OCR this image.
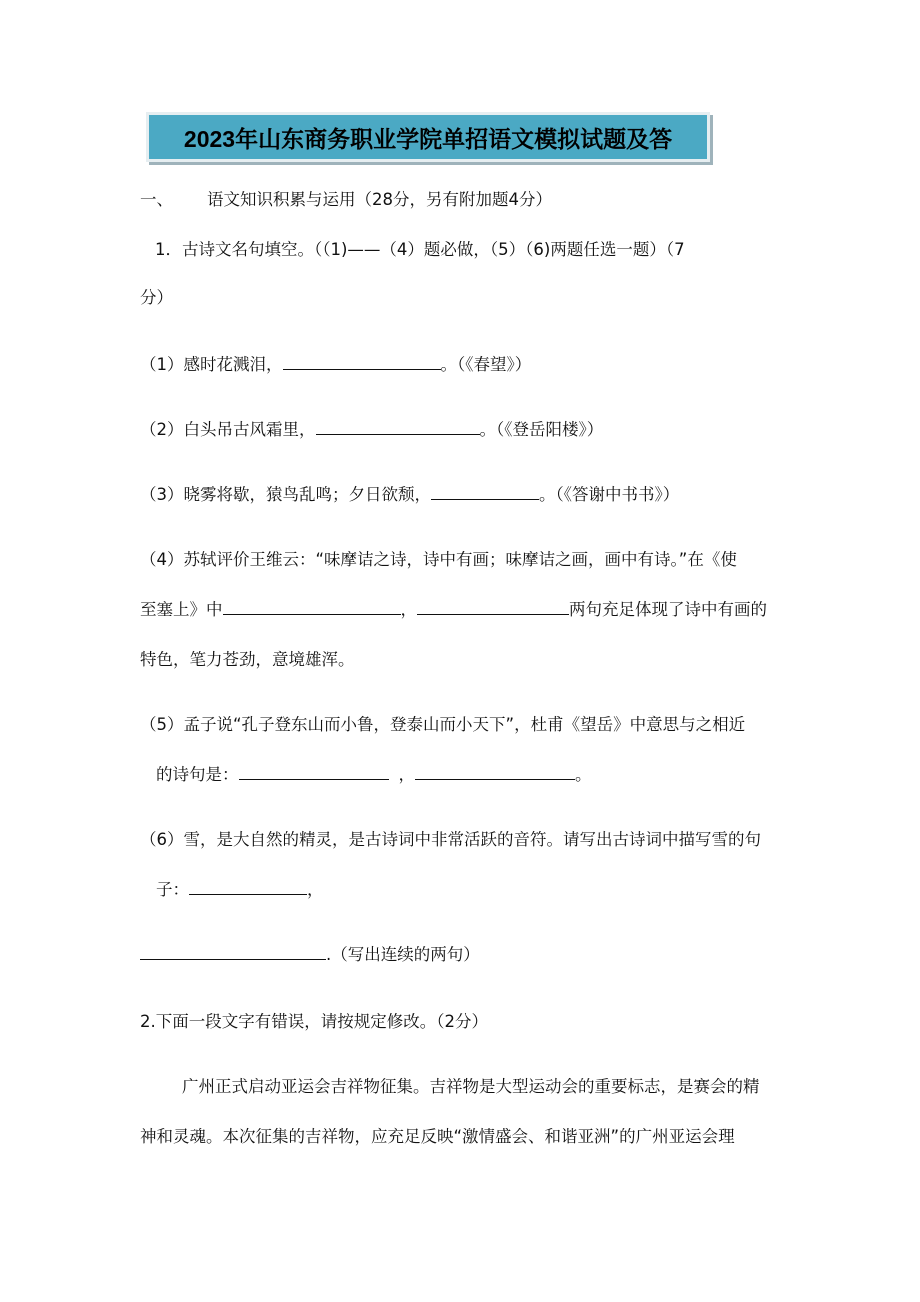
2023年山东商务职业学院单招语文模拟试题及答
一、 语文知识积累与运用（28分，另有附加题4分）
1．古诗文名句填空。（（1)——（4）题必做，（5）（6)两题任选一题）（7
分）
（1）感时花溅泪，	。（《春望》）
（2）白头吊古风霜里，	。（《登岳阳楼》）
（3）晓雾将歇，猿鸟乱鸣；夕日欲颓，	。（《答谢中书书》）
（4）苏轼评价王维云：“味摩诘之诗，诗中有画；味摩诘之画，画中有诗。”在《使
至塞上》中	，	两句充足体现了诗中有画的
特色，笔力苍劲，意境雄浑。
（5）孟子说“孔子登东山而小鲁，登泰山而小天下”，杜甫《望岳》中意思与之相近
的诗句是：	，	。
（6）雪，是大自然的精灵，是古诗词中非常活跃的音符。请写出古诗词中描写雪的句
子：	，
.（写出连续的两句）
2.下面一段文字有错误，请按规定修改。（2分）
广州正式启动亚运会吉祥物征集。吉祥物是大型运动会的重要标志，是赛会的精
神和灵魂。本次征集的吉祥物，应充足反映“激情盛会、和谐亚洲”的广州亚运会理
